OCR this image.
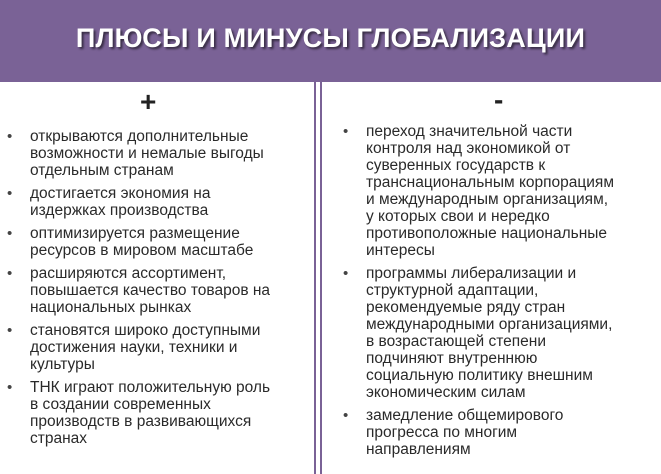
ПЛЮСЫ И МИНУСЫ ГЛОБАЛИЗАЦИИ
+	-
• открываются дополнительные
возможности и немалые выгоды
отдельным странам
• достигается экономия на
издержках производства
• оптимизируется размещение
ресурсов в мировом масштабе
• расширяются ассортимент,
повышается качество товаров на
национальных рынках
• становятся широко доступными
достижения науки, техники и
культуры
• ТНК играют положительную роль
в создании современных
производств в развивающихся
странах
• переход значительной части
контроля над экономикой от
суверенных государств к
транснациональным корпорациям
и международным организациям,
у которых свои и нередко
противоположные национальные
интересы
• программы либерализации и
структурной адаптации,
рекомендуемые ряду стран
международными организациями,
в возрастающей степени
подчиняют внутреннюю
социальную политику внешним
экономическим силам
• замедление общемирового
прогресса по многим
направлениям
